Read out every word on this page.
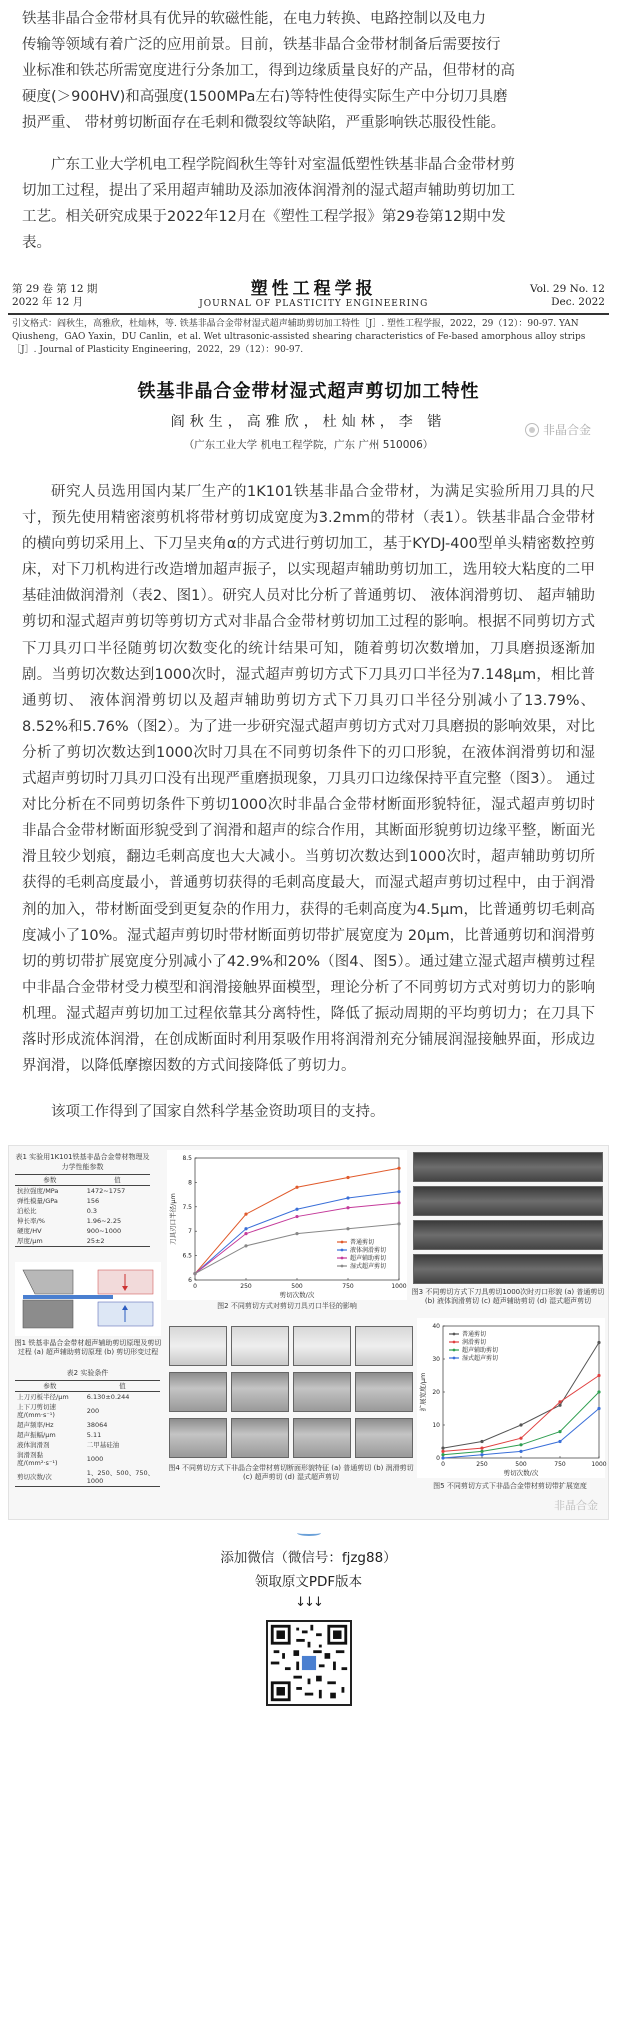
铁基非晶合金带材具有优异的软磁性能，在电力转换、电路控制以及电力
传输等领域有着广泛的应用前景。目前，铁基非晶合金带材制备后需要按行
业标准和铁芯所需宽度进行分条加工，得到边缘质量良好的产品，但带材的高
硬度(＞900HV)和高强度(1500MPa左右)等特性使得实际生产中分切刀具磨
损严重、 带材剪切断面存在毛刺和微裂纹等缺陷，严重影响铁芯服役性能。
广东工业大学机电工程学院阎秋生等针对室温低塑性铁基非晶合金带材剪
切加工过程，提出了采用超声辅助及添加液体润滑剂的湿式超声辅助剪切加工
工艺。相关研究成果于2022年12月在《塑性工程学报》第29卷第12期中发
表。
第 29 卷 第 12 期
2022 年 12 月
塑性工程学报
JOURNAL OF PLASTICITY ENGINEERING
Vol. 29 No. 12
Dec. 2022
引文格式：阎秋生，高雅欣，杜灿林，等. 铁基非晶合金带材湿式超声辅助剪切加工特性［J］. 塑性工程学报，2022，29（12）：90-97. YAN Qiusheng，GAO Yaxin，DU Canlin，et al. Wet ultrasonic-assisted shearing characteristics of Fe-based amorphous alloy strips［J］. Journal of Plasticity Engineering，2022，29（12）：90-97.
铁基非晶合金带材湿式超声剪切加工特性
阎秋生，高雅欣，杜灿林，李 锴
（广东工业大学 机电工程学院，广东 广州 510006）
非晶合金
研究人员选用国内某厂生产的1K101铁基非晶合金带材，为满足实验所用刀具的尺寸，预先使用精密滚剪机将带材剪切成宽度为3.2mm的带材（表1）。铁基非晶合金带材的横向剪切采用上、下刀呈夹角α的方式进行剪切加工，基于KYDJ-400型单头精密数控剪床，对下刀机构进行改造增加超声振子，以实现超声辅助剪切加工，选用较大粘度的二甲基硅油做润滑剂（表2、图1）。研究人员对比分析了普通剪切、 液体润滑剪切、 超声辅助剪切和湿式超声剪切等剪切方式对非晶合金带材剪切加工过程的影响。根据不同剪切方式下刀具刃口半径随剪切次数变化的统计结果可知，随着剪切次数增加，刀具磨损逐渐加剧。当剪切次数达到1000次时，湿式超声剪切方式下刀具刃口半径为7.148μm，相比普通剪切、 液体润滑剪切以及超声辅助剪切方式下刀具刃口半径分别减小了13.79%、8.52%和5.76%（图2）。为了进一步研究湿式超声剪切方式对刀具磨损的影响效果，对比分析了剪切次数达到1000次时刀具在不同剪切条件下的刃口形貌，在液体润滑剪切和湿式超声剪切时刀具刃口没有出现严重磨损现象，刀具刃口边缘保持平直完整（图3）。 通过对比分析在不同剪切条件下剪切1000次时非晶合金带材断面形貌特征，湿式超声剪切时非晶合金带材断面形貌受到了润滑和超声的综合作用，其断面形貌剪切边缘平整，断面光滑且较少划痕，翻边毛刺高度也大大减小。当剪切次数达到1000次时，超声辅助剪切所获得的毛刺高度最小，普通剪切获得的毛刺高度最大，而湿式超声剪切过程中，由于润滑剂的加入，带材断面受到更复杂的作用力，获得的毛刺高度为4.5μm，比普通剪切毛刺高度减小了10%。湿式超声剪切时带材断面剪切带扩展宽度为 20μm，比普通剪切和润滑剪切的剪切带扩展宽度分别减小了42.9%和20%（图4、图5）。通过建立湿式超声横剪过程中非晶合金带材受力模型和润滑接触界面模型，理论分析了不同剪切方式对剪切力的影响机理。湿式超声剪切加工过程依靠其分离特性，降低了振动周期的平均剪切力；在刀具下落时形成流体润滑，在创成断面时利用泵吸作用将润滑剂充分铺展润湿接触界面，形成边界润滑，以降低摩擦因数的方式间接降低了剪切力。
该项工作得到了国家自然科学基金资助项目的支持。
表1 实验用1K101铁基非晶合金带材物理及力学性能参数
参数	值
抗拉强度/MPa	1472~1757
弹性模量/GPa	156
泊松比	0.3
伸长率/%	1.96~2.25
硬度/HV	900~1000
厚度/μm	25±2
图1 铁基非晶合金带材超声辅助剪切原理及剪切过程 (a) 超声辅助剪切原理 (b) 剪切形变过程
表2 实验条件
参数	值
上刀刃板半径/μm	6.130±0.244
上下刀剪切速度/(mm·s⁻¹)	200
超声频率/Hz	38064
超声振幅/μm	5.11
液体润滑剂	二甲基硅油
润滑剂黏度/(mm²·s⁻¹)	1000
剪切次数/次	1、250、500、750、1000
0	250	500	750	1000
6
6.5
7
7.5
8
8.5
剪切次数/次
刀具刃口半径/μm	普通剪切
液体润滑剪切
超声辅助剪切
湿式超声剪切
图2 不同剪切方式对剪切刀具刃口半径的影响
图3 不同剪切方式下刀具剪切1000次时刃口形貌 (a) 普通剪切 (b) 液体润滑剪切 (c) 超声辅助剪切 (d) 湿式超声剪切
图4 不同剪切方式下非晶合金带材剪切断面形貌特征 (a) 普通剪切 (b) 润滑剪切 (c) 超声剪切 (d) 湿式超声剪切
0	250	500	750	1000
0
10
20
30
40
剪切次数/次
扩展宽度/μm
普通剪切
润滑剪切
超声辅助剪切
湿式超声剪切
图5 不同剪切方式下非晶合金带材剪切带扩展宽度
非晶合金
添加微信（微信号：fjzg88）
领取原文PDF版本
↓↓↓
